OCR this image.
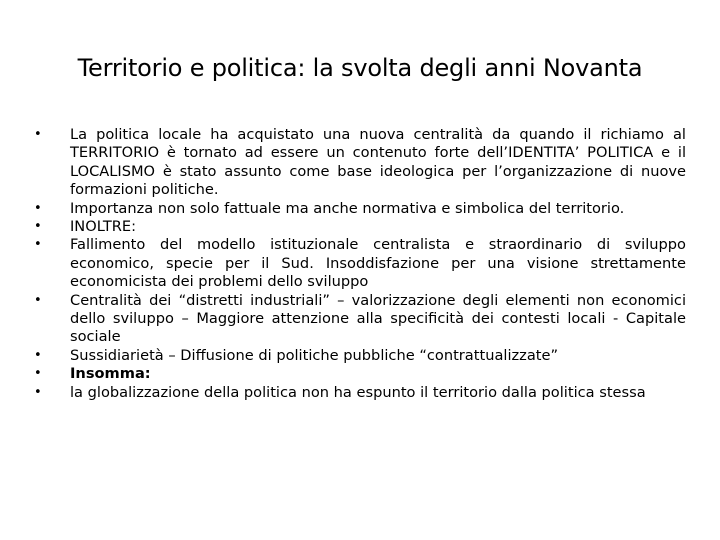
Territorio e politica: la svolta degli anni Novanta
• La politica locale ha acquistato una nuova centralità da quando il richiamo al TERRITORIO è tornato ad essere un contenuto forte dell’IDENTITA’ POLITICA e il LOCALISMO è stato assunto come base ideologica per l’organizzazione di nuove formazioni politiche.
• Importanza non solo fattuale ma anche normativa e simbolica del territorio.
• INOLTRE:
• Fallimento del modello istituzionale centralista e straordinario di sviluppo economico, specie per il Sud. Insoddisfazione per una visione strettamente economicista dei problemi dello sviluppo
• Centralità dei “distretti industriali” – valorizzazione degli elementi non economici dello sviluppo – Maggiore attenzione alla specificità dei contesti locali - Capitale sociale
• Sussidiarietà – Diffusione di politiche pubbliche “contrattualizzate”
• Insomma:
• la globalizzazione della politica non ha espunto il territorio dalla politica stessa
